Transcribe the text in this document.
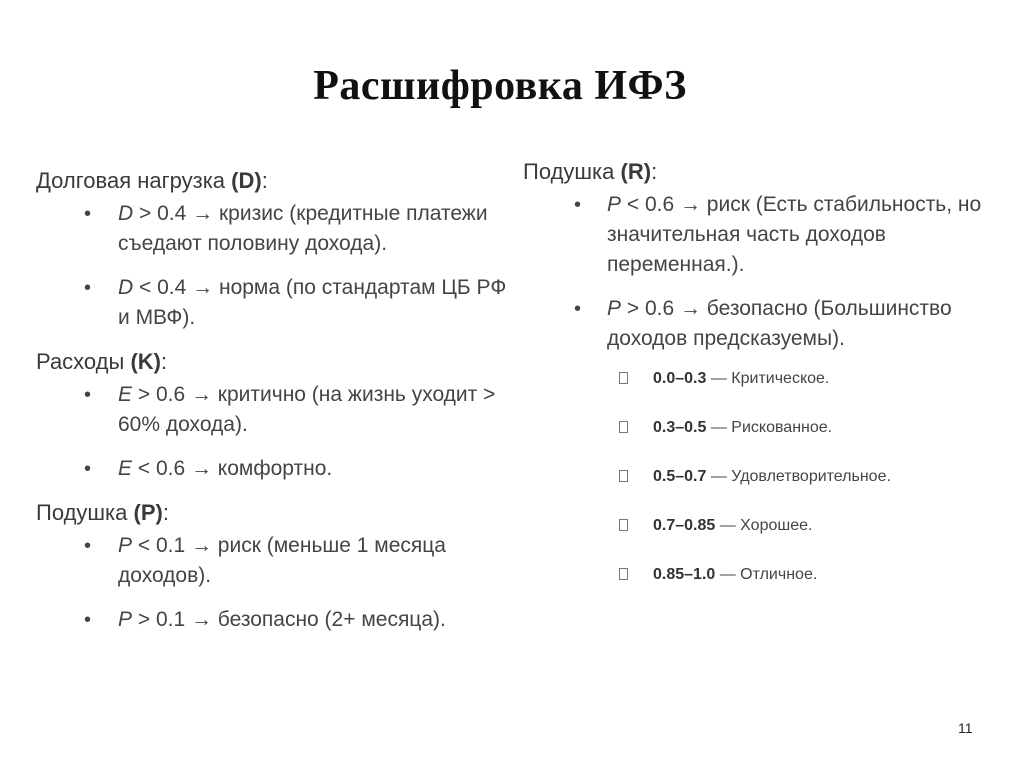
Расшифровка ИФЗ

Долговая нагрузка (D):

• D > 0.4 → кризис (кредитные платежи съедают половину дохода).
• D < 0.4 → норма (по стандартам ЦБ РФ и МВФ).

Расходы (K):

• E > 0.6 → критично (на жизнь уходит > 60% дохода).
• E < 0.6 → комфортно.

Подушка (P):

• P < 0.1 → риск (меньше 1 месяца доходов).
• P > 0.1 → безопасно (2+ месяца).

Подушка (R):

• P < 0.6 → риск (Есть стабильность, но значительная часть доходов переменная.).
• P > 0.6 → безопасно (Большинство доходов предсказуемы).
0.0–0.3 — Критическое.
0.3–0.5 — Рискованное.
0.5–0.7 — Удовлетворительное.
0.7–0.85 — Хорошее.
0.85–1.0 — Отличное.
11
